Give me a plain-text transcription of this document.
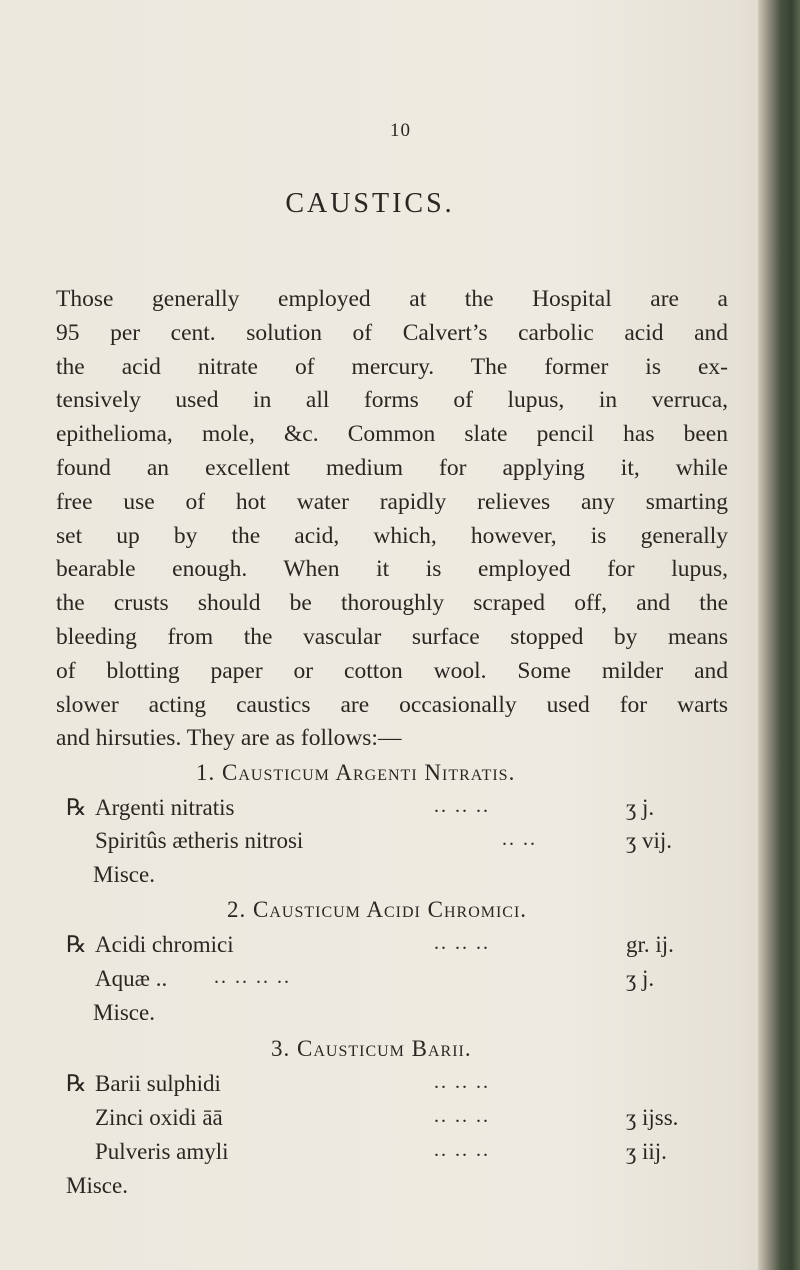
10
CAUSTICS.
Those generally employed at the Hospital are a
95 per cent. solution of Calvert’s carbolic acid and
the acid nitrate of mercury. The former is ex-
tensively used in all forms of lupus, in verruca,
epithelioma, mole, &c. Common slate pencil has been
found an excellent medium for applying it, while
free use of hot water rapidly relieves any smarting
set up by the acid, which, however, is generally
bearable enough. When it is employed for lupus,
the crusts should be thoroughly scraped off, and the
bleeding from the vascular surface stopped by means
of blotting paper or cotton wool. Some milder and
slower acting caustics are occasionally used for warts
and hirsuties. They are as follows:—
1. Causticum Argenti Nitratis.
℞ Argenti nitratis	.. .. ..	ʒ j.
Spiritûs ætheris nitrosi	.. ..	ʒ vij.
Misce.
2. Causticum Acidi Chromici.
℞ Acidi chromici	.. .. ..	gr. ij.
Aquæ .. .. .. .. ..	ʒ j.
Misce.
3. Causticum Barii.
℞ Barii sulphidi	.. .. ..
Zinci oxidi āā	.. .. ..	ʒ ijss.
Pulveris amyli	.. .. ..	ʒ iij.
Misce.
